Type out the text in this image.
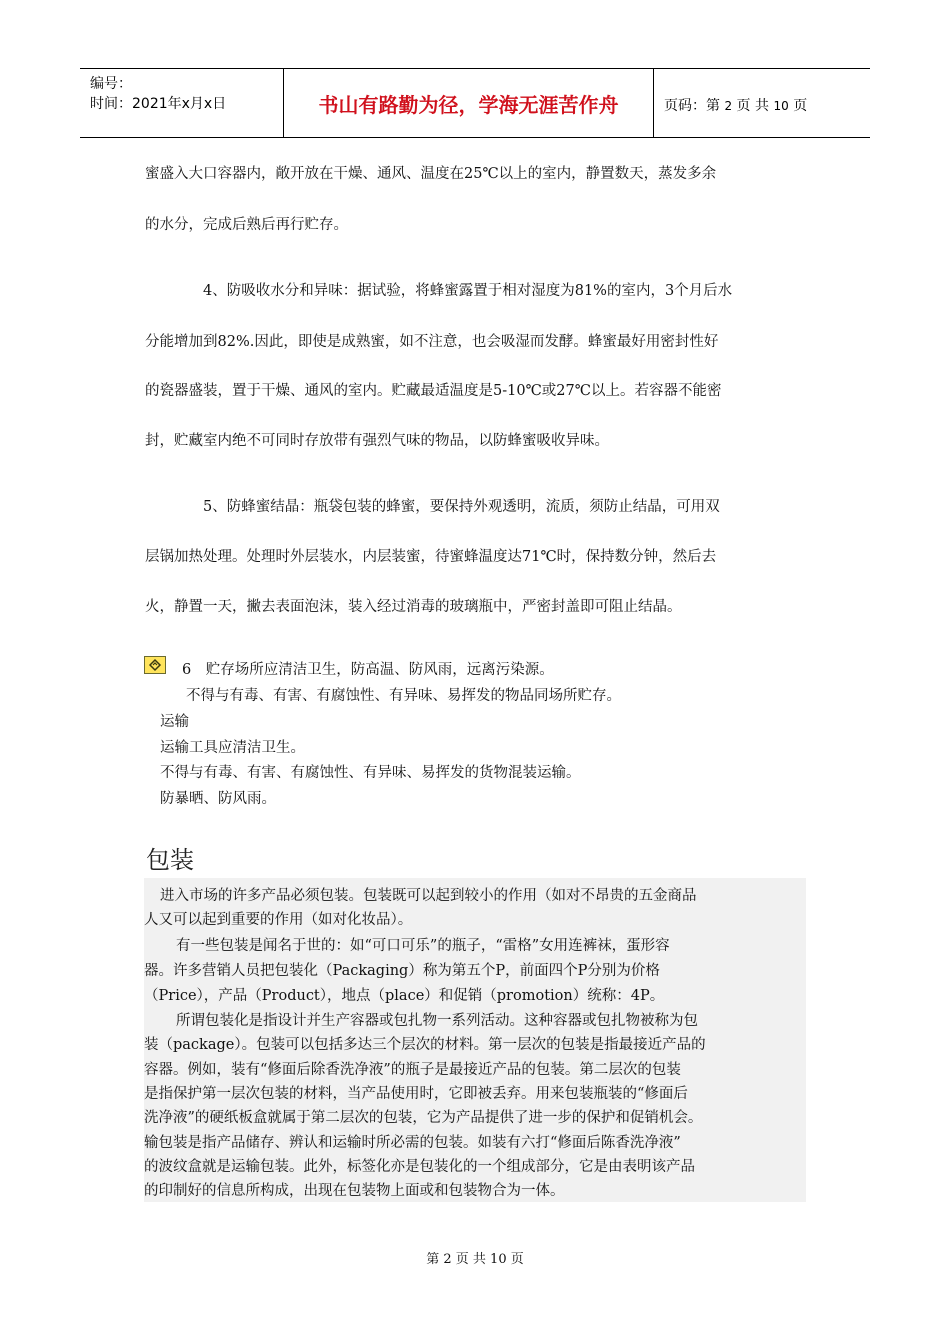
编号：
时间：2021年x月x日	书山有路勤为径，学海无涯苦作舟	页码：第 2 页 共 10 页
蜜盛入大口容器内，敞开放在干燥、通风、温度在25℃以上的室内，静置数天，蒸发多余
的水分，完成后熟后再行贮存。
4、防吸收水分和异味：据试验，将蜂蜜露置于相对湿度为81%的室内，3个月后水
分能增加到82%.因此，即使是成熟蜜，如不注意，也会吸湿而发酵。蜂蜜最好用密封性好
的瓷器盛装，置于干燥、通风的室内。贮藏最适温度是5-10℃或27℃以上。若容器不能密
封，贮藏室内绝不可同时存放带有强烈气味的物品，以防蜂蜜吸收异味。
5、防蜂蜜结晶：瓶袋包装的蜂蜜，要保持外观透明，流质，须防止结晶，可用双
层锅加热处理。处理时外层装水，内层装蜜，待蜜蜂温度达71℃时，保持数分钟，然后去
火，静置一天，撇去表面泡沫，装入经过消毒的玻璃瓶中，严密封盖即可阻止结晶。
6　贮存场所应清洁卫生，防高温、防风雨，远离污染源。
不得与有毒、有害、有腐蚀性、有异味、易挥发的物品同场所贮存。
运输
运输工具应清洁卫生。
不得与有毒、有害、有腐蚀性、有异味、易挥发的货物混装运输。
防暴晒、防风雨。
包装
进入市场的许多产品必须包装。包装既可以起到较小的作用（如对不昂贵的五金商品
人又可以起到重要的作用（如对化妆品）。
有一些包装是闻名于世的：如“可口可乐”的瓶子，“雷格”女用连裤袜，蛋形容
器。许多营销人员把包装化（Packaging）称为第五个P，前面四个P分别为价格
（Price），产品（Product），地点（place）和促销（promotion）统称：4P。
所谓包装化是指设计并生产容器或包扎物一系列活动。这种容器或包扎物被称为包
装（package）。包装可以包括多达三个层次的材料。第一层次的包装是指最接近产品的
容器。例如，装有“修面后除香洗净液”的瓶子是最接近产品的包装。第二层次的包装
是指保护第一层次包装的材料，当产品使用时，它即被丢弃。用来包装瓶装的“修面后
洗净液”的硬纸板盒就属于第二层次的包装，它为产品提供了进一步的保护和促销机会。
输包装是指产品储存、辨认和运输时所必需的包装。如装有六打“修面后陈香洗净液”
的波纹盒就是运输包装。此外，标签化亦是包装化的一个组成部分，它是由表明该产品
的印制好的信息所构成，出现在包装物上面或和包装物合为一体。
第 2 页 共 10 页
